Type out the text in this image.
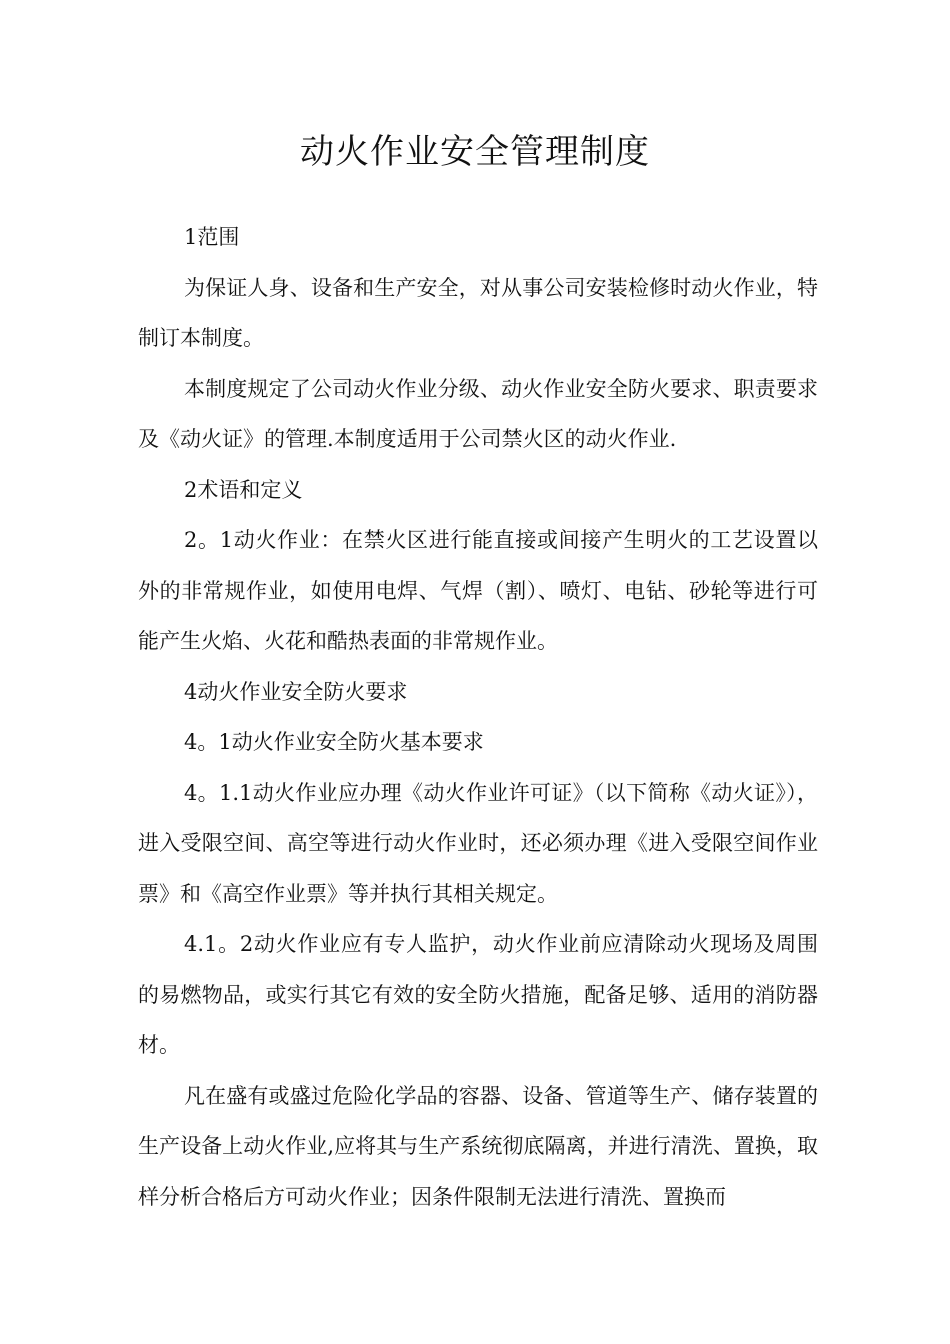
动火作业安全管理制度

1范围

为保证人身、设备和生产安全，对从事公司安装检修时动火作业，特制订本制度。

本制度规定了公司动火作业分级、动火作业安全防火要求、职责要求及《动火证》的管理.本制度适用于公司禁火区的动火作业.

2术语和定义

2。1动火作业：在禁火区进行能直接或间接产生明火的工艺设置以外的非常规作业，如使用电焊、气焊（割）、喷灯、电钻、砂轮等进行可能产生火焰、火花和酷热表面的非常规作业。

4动火作业安全防火要求

4。1动火作业安全防火基本要求

4。1.1动火作业应办理《动火作业许可证》（以下简称《动火证》），进入受限空间、高空等进行动火作业时，还必须办理《进入受限空间作业票》和《高空作业票》等并执行其相关规定。

4.1。2动火作业应有专人监护，动火作业前应清除动火现场及周围的易燃物品，或实行其它有效的安全防火措施，配备足够、适用的消防器材。

凡在盛有或盛过危险化学品的容器、设备、管道等生产、储存装置的生产设备上动火作业,应将其与生产系统彻底隔离，并进行清洗、置换，取样分析合格后方可动火作业；因条件限制无法进行清洗、置换而
